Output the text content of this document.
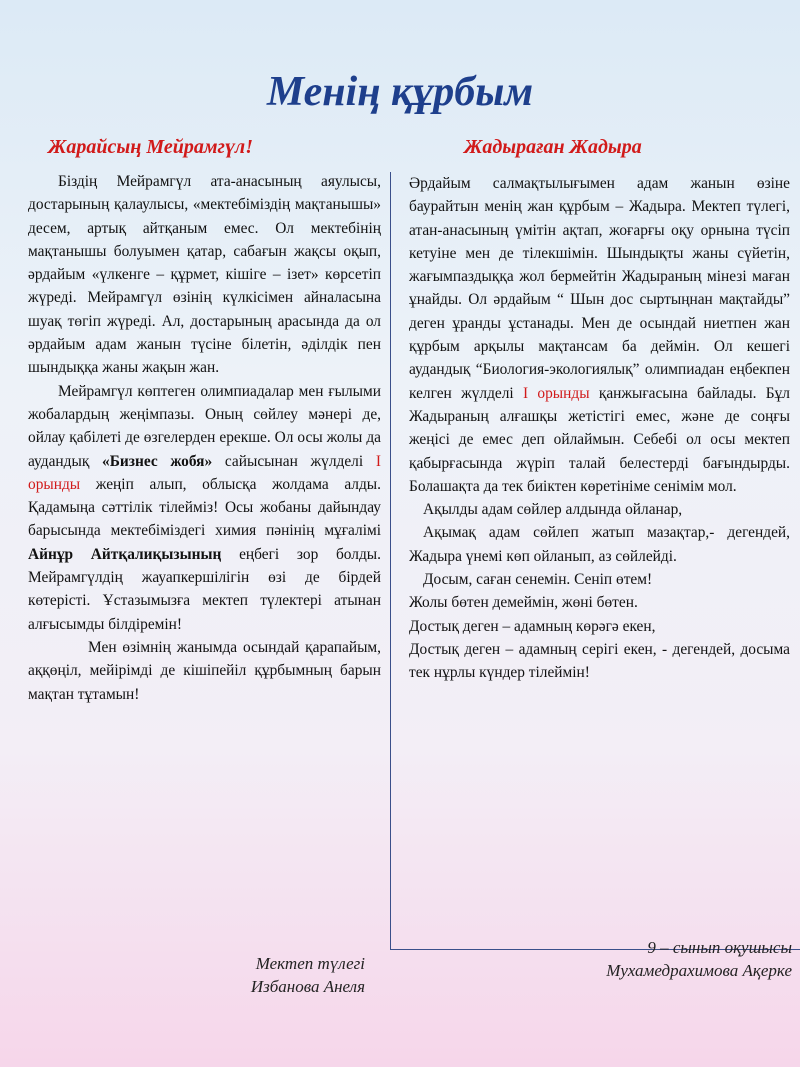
Менің құрбым
Жарайсың Мейрамгүл!	Жадыраған Жадыра

Біздің Мейрамгүл ата-анасының аяулысы, достарының қалаулысы, «мектебіміздің мақтанышы» десем, артық айтқаным емес. Ол мектебінің мақтанышы болуымен қатар, сабағын жақсы оқып, әрдайым «үлкенге – құрмет, кішіге – ізет» көрсетіп жүреді. Мейрамгүл өзінің күлкісімен айналасына шуақ төгіп жүреді. Ал, достарының арасында да ол әрдайым адам жанын түсіне білетін, әділдік пен шындыққа жаны жақын жан.

Мейрамгүл көптеген олимпиадалар мен ғылыми жобалардың жеңімпазы. Оның сөйлеу мәнері де, ойлау қабілеті де өзгелерден ерекше. Ол осы жолы да аудандық «Бизнес жобя» сайысынан жүлделі I орынды жеңіп алып, облысқа жолдама алды. Қадамыңа сәттілік тілейміз! Осы жобаны дайындау барысында мектебіміздегі химия пәнінің мұғалімі Айнұр Айтқалиқызының еңбегі зор болды. Мейрамгүлдің жауапкершілігін өзі де бірдей көтерісті. Ұстазымызға мектеп түлектері атынан алғысымды білдіремін!

Мен өзімнің жанымда осындай қарапайым, аққөңіл, мейірімді де кішіпейіл құрбымның барын мақтан тұтамын!

Мектеп түлегі
Избанова Анеля

Әрдайым салмақтылығымен адам жанын өзіне баурайтын менің жан құрбым – Жадыра. Мектеп түлегі, атан-анасының үмітін ақтап, жоғарғы оқу орнына түсіп кетуіне мен де тілекшімін. Шындықты жаны сүйетін, жағымпаздыққа жол бермейтін Жадыраның мінезі маған ұнайды. Ол әрдайым “ Шын дос сыртыңнан мақтайды” деген ұранды ұстанады. Мен де осындай ниетпен жан құрбым арқылы мақтансам ба деймін. Ол кешегі аудандық “Биология-экологиялық” олимпиадан еңбекпен келген жүлделі І орынды қанжығасына байлады. Бұл Жадыраның алғашқы жетістігі емес, және де соңғы жеңісі де емес деп ойлаймын. Себебі ол осы мектеп қабырғасында жүріп талай белестерді бағындырды. Болашақта да тек биіктен көретініме сенімім мол.

Ақылды адам сөйлер алдында ойланар,

Ақымақ адам сөйлеп жатып мазақтар,- дегендей, Жадыра үнемі көп ойланып, аз сөйлейді.

Досым, саған сенемін. Сеніп өтем!

Жолы бөтен демеймін, жөні бөтен.

Достық деген – адамның көрәгә екен,

Достық деген – адамның серігі екен, - дегендей, досыма тек нұрлы күндер тілеймін!

9 – сынып оқушысы
Мухамедрахимова Ақерке
